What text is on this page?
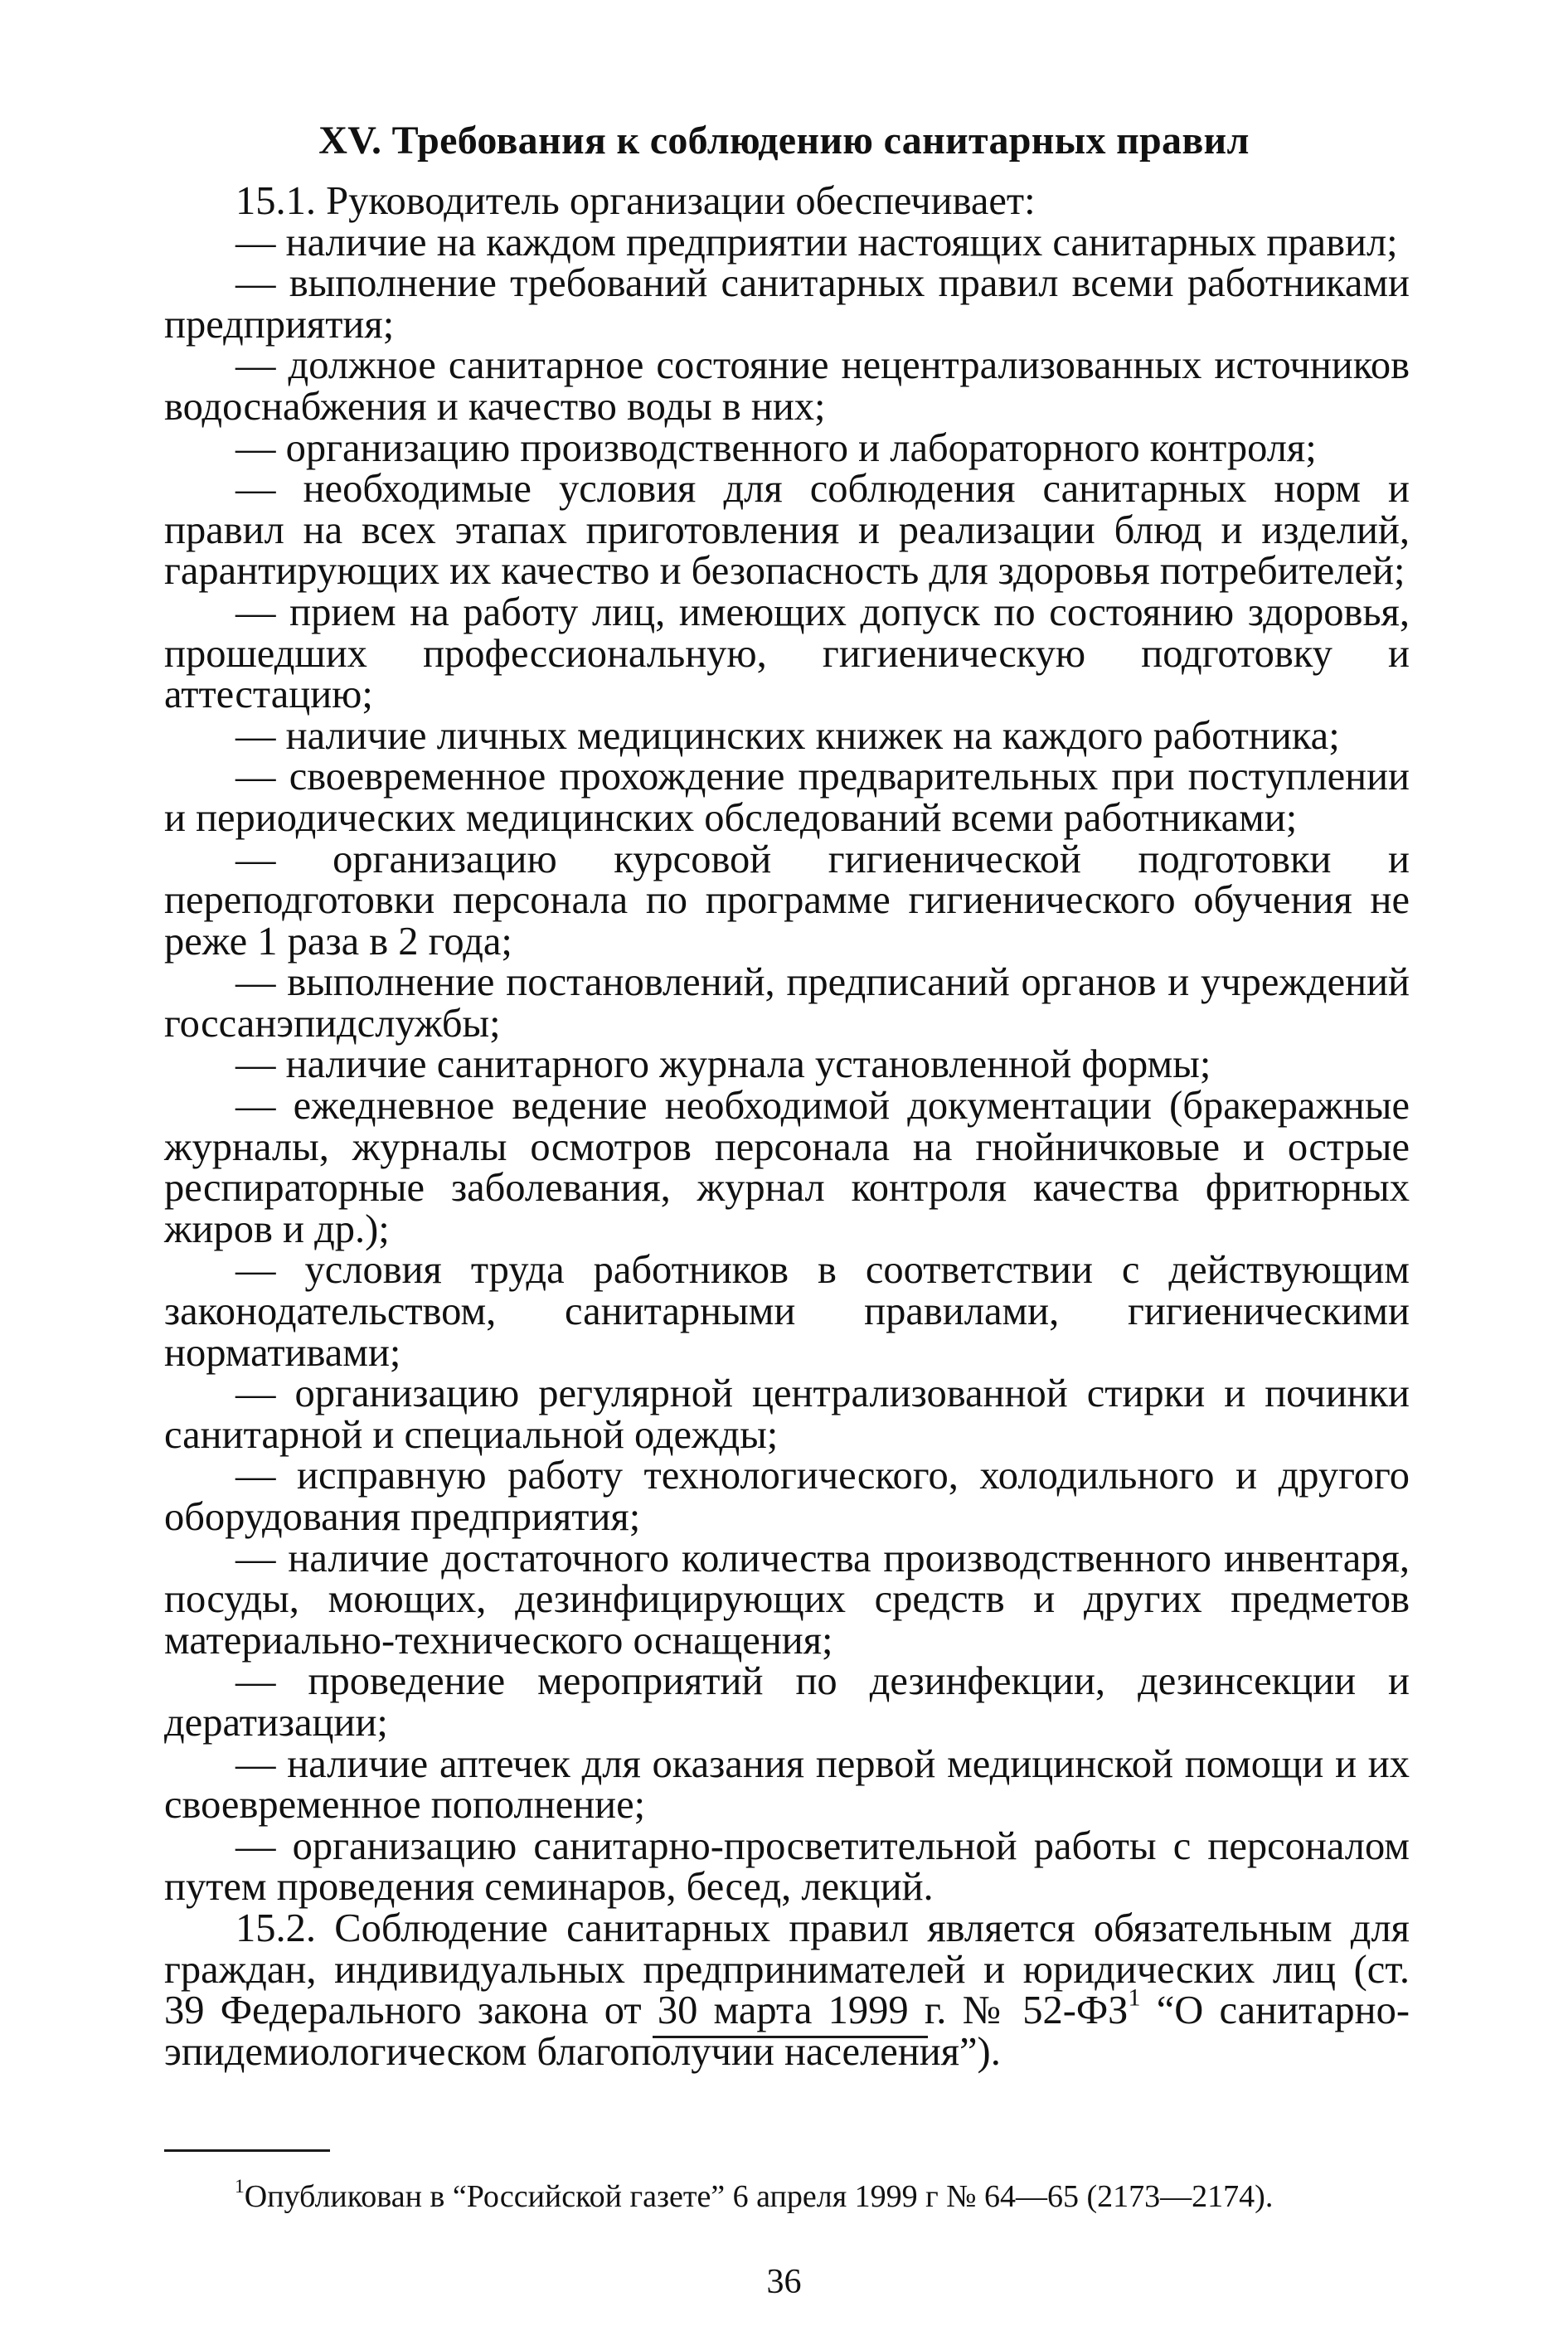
XV. Требования к соблюдению санитарных правил

15.1. Руководитель организации обеспечивает:

— наличие на каждом предприятии настоящих санитарных правил;

— выполнение требований санитарных правил всеми работниками предприятия;

— должное санитарное состояние нецентрализованных источников водоснабжения и качество воды в них;

— организацию производственного и лабораторного контроля;

— необходимые условия для соблюдения санитарных норм и правил на всех этапах приготовления и реализации блюд и изделий, гарантирующих их качество и безопасность для здоровья потребителей;

— прием на работу лиц, имеющих допуск по состоянию здоровья, прошедших профессиональную, гигиеническую подготовку и аттестацию;

— наличие личных медицинских книжек на каждого работника;

— своевременное прохождение предварительных при поступлении и периодических медицинских обследований всеми работниками;

— организацию курсовой гигиенической подготовки и переподготовки персонала по программе гигиенического обучения не реже 1 раза в 2 года;

— выполнение постановлений, предписаний органов и учреждений госсанэпидслужбы;

— наличие санитарного журнала установленной формы;

— ежедневное ведение необходимой документации (бракеражные журналы, журналы осмотров персонала на гнойничковые и острые респираторные заболевания, журнал контроля качества фритюрных жиров и др.);

— условия труда работников в соответствии с действующим законодательством, санитарными правилами, гигиеническими нормативами;

— организацию регулярной централизованной стирки и починки санитарной и специальной одежды;

— исправную работу технологического, холодильного и другого оборудования предприятия;

— наличие достаточного количества производственного инвентаря, посуды, моющих, дезинфицирующих средств и других предметов материально-технического оснащения;

— проведение мероприятий по дезинфекции, дезинсекции и дератизации;

— наличие аптечек для оказания первой медицинской помощи и их своевременное пополнение;

— организацию санитарно-просветительной работы с персоналом путем проведения семинаров, бесед, лекций.

15.2. Соблюдение санитарных правил является обязательным для граждан, индивидуальных предпринимателей и юридических лиц (ст. 39 Федерального закона от 30 марта 1999 г. № $52-ФЗ^1$ “О санитарно-эпидемиологическом благополучии населения”).

$^1$Опубликован в “Российской газете” 6 апреля 1999 г № 64—65 (2173—2174).
36
